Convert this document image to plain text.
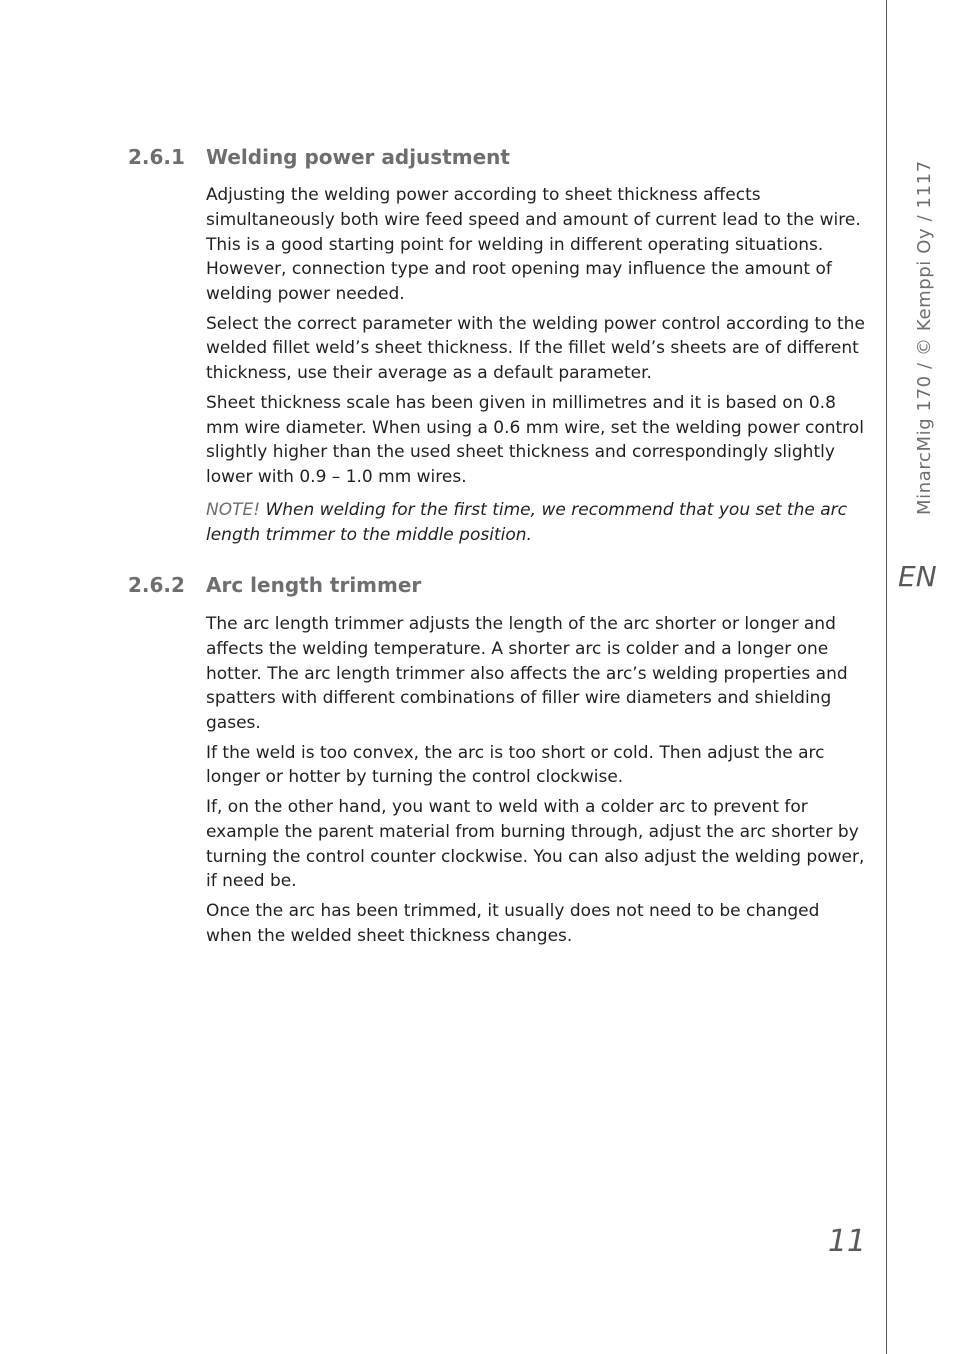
2.6.1 Welding power adjustment

Adjusting the welding power according to sheet thickness affects simultaneously both wire feed speed and amount of current lead to the wire. This is a good starting point for welding in different operating situations. However, connection type and root opening may influence the amount of welding power needed.

Select the correct parameter with the welding power control according to the welded fillet weld’s sheet thickness. If the fillet weld’s sheets are of different thickness, use their average as a default parameter.

Sheet thickness scale has been given in millimetres and it is based on 0.8 mm wire diameter. When using a 0.6 mm wire, set the welding power control slightly higher than the used sheet thickness and correspondingly slightly lower with 0.9 – 1.0 mm wires.

NOTE! When welding for the first time, we recommend that you set the arc length trimmer to the middle position.

2.6.2 Arc length trimmer

The arc length trimmer adjusts the length of the arc shorter or longer and affects the welding temperature. A shorter arc is colder and a longer one hotter. The arc length trimmer also affects the arc’s welding properties and spatters with different combinations of filler wire diameters and shielding gases.

If the weld is too convex, the arc is too short or cold. Then adjust the arc longer or hotter by turning the control clockwise.

If, on the other hand, you want to weld with a colder arc to prevent for example the parent material from burning through, adjust the arc shorter by turning the control counter clockwise. You can also adjust the welding power, if need be.

Once the arc has been trimmed, it usually does not need to be changed when the welded sheet thickness changes.

MinarcMig 170 / © Kemppi Oy / 1117
EN
11
